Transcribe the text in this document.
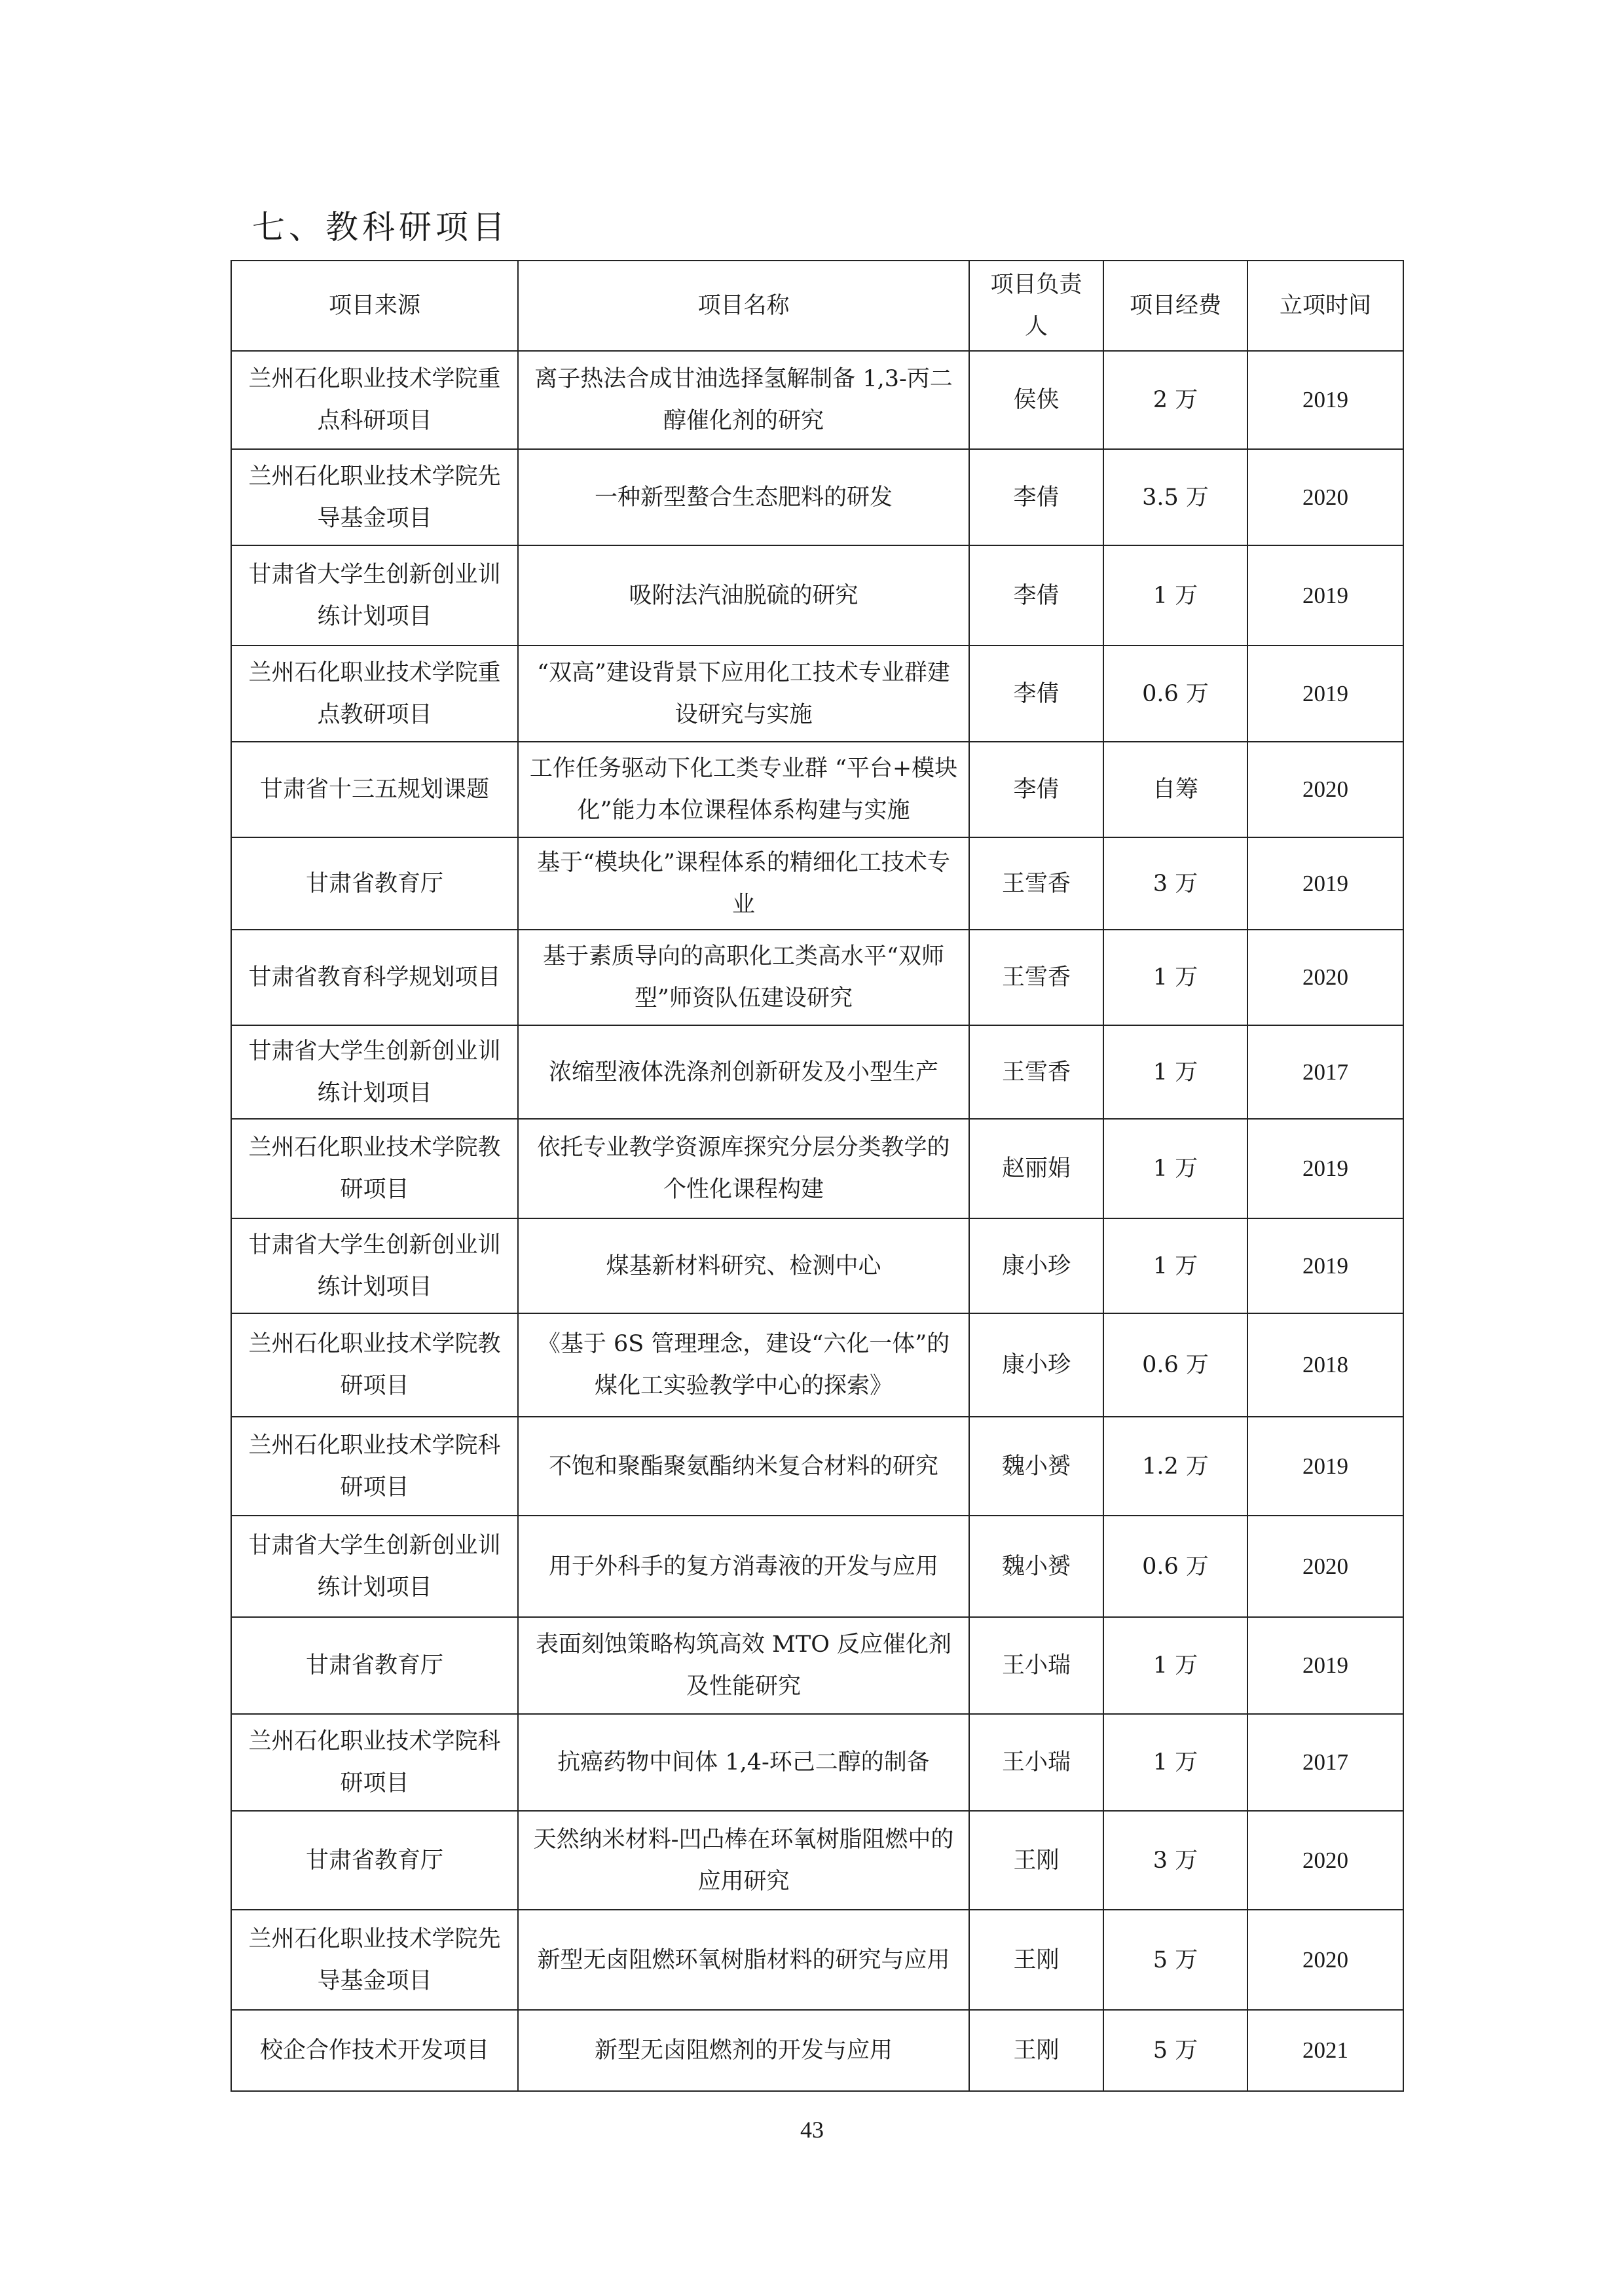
七、教科研项目
项目来源	项目名称	项目负责人	项目经费	立项时间
兰州石化职业技术学院重点科研项目	离子热法合成甘油选择氢解制备 1,3-丙二醇催化剂的研究	侯侠	2 万	2019
兰州石化职业技术学院先导基金项目	一种新型螯合生态肥料的研发	李倩	3.5 万	2020
甘肃省大学生创新创业训练计划项目	吸附法汽油脱硫的研究	李倩	1 万	2019
兰州石化职业技术学院重点教研项目	“双高”建设背景下应用化工技术专业群建设研究与实施	李倩	0.6 万	2019
甘肃省十三五规划课题	工作任务驱动下化工类专业群 “平台+模块 化”能力本位课程体系构建与实施	李倩	自筹	2020
甘肃省教育厅	基于“模块化”课程体系的精细化工技术专业	王雪香	3 万	2019
甘肃省教育科学规划项目	基于素质导向的高职化工类高水平“双师型”师资队伍建设研究	王雪香	1 万	2020
甘肃省大学生创新创业训练计划项目	浓缩型液体洗涤剂创新研发及小型生产	王雪香	1 万	2017
兰州石化职业技术学院教研项目	依托专业教学资源库探究分层分类教学的个性化课程构建	赵丽娟	1 万	2019
甘肃省大学生创新创业训练计划项目	煤基新材料研究、检测中心	康小珍	1 万	2019
兰州石化职业技术学院教研项目	《基于 6S 管理理念，建设“六化一体”的煤化工实验教学中心的探索》	康小珍	0.6 万	2018
兰州石化职业技术学院科研项目	不饱和聚酯聚氨酯纳米复合材料的研究	魏小赟	1.2 万	2019
甘肃省大学生创新创业训练计划项目	用于外科手的复方消毒液的开发与应用	魏小赟	0.6 万	2020
甘肃省教育厅	表面刻蚀策略构筑高效 MTO 反应催化剂及性能研究	王小瑞	1 万	2019
兰州石化职业技术学院科研项目	抗癌药物中间体 1,4-环己二醇的制备	王小瑞	1 万	2017
甘肃省教育厅	天然纳米材料-凹凸棒在环氧树脂阻燃中的应用研究	王刚	3 万	2020
兰州石化职业技术学院先导基金项目	新型无卤阻燃环氧树脂材料的研究与应用	王刚	5 万	2020
校企合作技术开发项目	新型无卤阻燃剂的开发与应用	王刚	5 万	2021
43
